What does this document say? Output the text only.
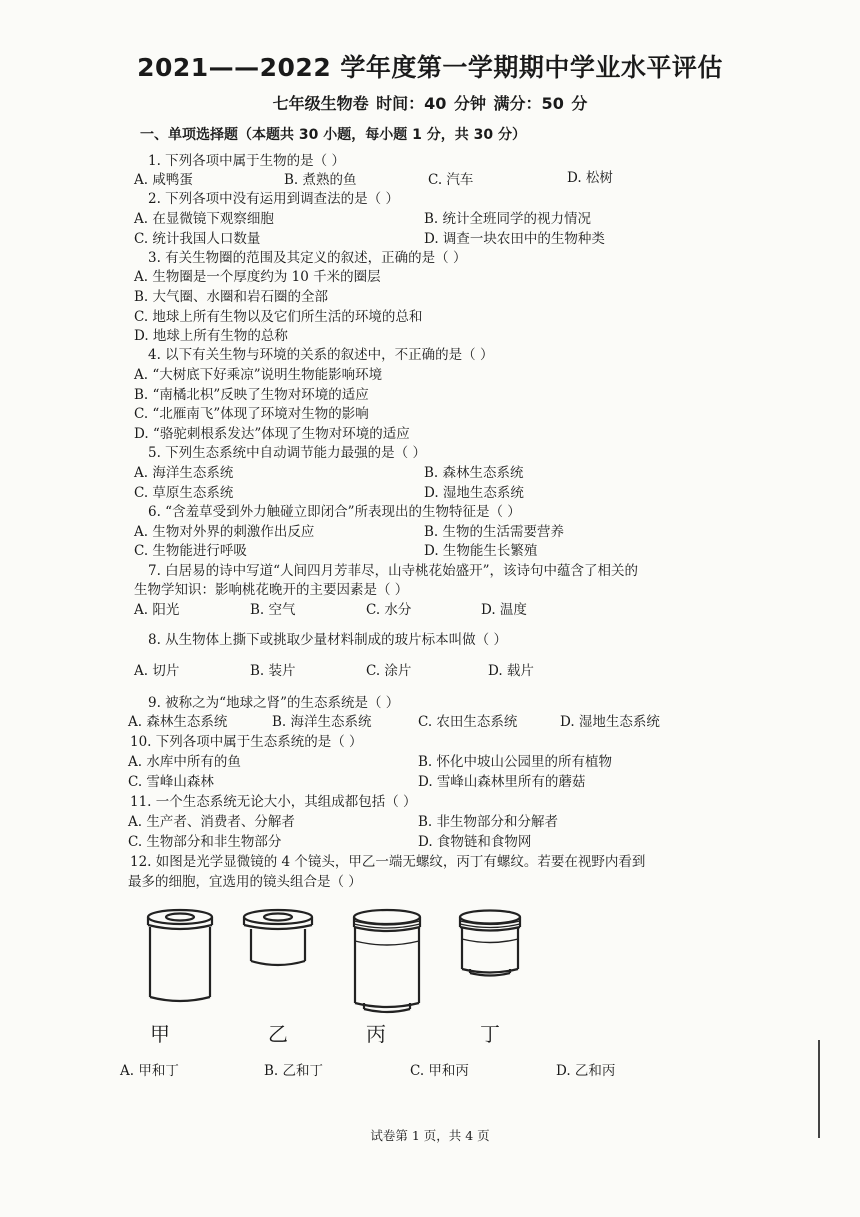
2021——2022 学年度第一学期期中学业水平评估
七年级生物卷 时间：40 分钟 满分：50 分
一、单项选择题（本题共 30 小题，每小题 1 分，共 30 分）
1. 下列各项中属于生物的是（ ）
A. 咸鸭蛋	B. 煮熟的鱼	C. 汽车	D. 松树
2. 下列各项中没有运用到调查法的是（ ）
A. 在显微镜下观察细胞	B. 统计全班同学的视力情况
C. 统计我国人口数量	D. 调查一块农田中的生物种类
3. 有关生物圈的范围及其定义的叙述，正确的是（ ）
A. 生物圈是一个厚度约为 10 千米的圈层
B. 大气圈、水圈和岩石圈的全部
C. 地球上所有生物以及它们所生活的环境的总和
D. 地球上所有生物的总称
4. 以下有关生物与环境的关系的叙述中，不正确的是（ ）
A. “大树底下好乘凉”说明生物能影响环境
B. “南橘北枳”反映了生物对环境的适应
C. “北雁南飞”体现了环境对生物的影响
D. “骆驼刺根系发达”体现了生物对环境的适应
5. 下列生态系统中自动调节能力最强的是（ ）
A. 海洋生态系统	B. 森林生态系统
C. 草原生态系统	D. 湿地生态系统
6. “含羞草受到外力触碰立即闭合”所表现出的生物特征是（ ）
A. 生物对外界的刺激作出反应	B. 生物的生活需要营养
C. 生物能进行呼吸	D. 生物能生长繁殖
7. 白居易的诗中写道“人间四月芳菲尽，山寺桃花始盛开”，该诗句中蕴含了相关的
生物学知识：影响桃花晚开的主要因素是（ ）
A. 阳光	B. 空气	C. 水分	D. 温度
8. 从生物体上撕下或挑取少量材料制成的玻片标本叫做（ ）
A. 切片	B. 装片	C. 涂片	D. 载片
9. 被称之为“地球之肾”的生态系统是（ ）
A. 森林生态系统	B. 海洋生态系统	C. 农田生态系统	D. 湿地生态系统
10. 下列各项中属于生态系统的是（ ）
A. 水库中所有的鱼	B. 怀化中坡山公园里的所有植物
C. 雪峰山森林	D. 雪峰山森林里所有的蘑菇
11. 一个生态系统无论大小，其组成都包括（ ）
A. 生产者、消费者、分解者	B. 非生物部分和分解者
C. 生物部分和非生物部分	D. 食物链和食物网
12. 如图是光学显微镜的 4 个镜头，甲乙一端无螺纹，丙丁有螺纹。若要在视野内看到
最多的细胞，宜选用的镜头组合是（ ）
甲	乙	丙	丁
A. 甲和丁	B. 乙和丁	C. 甲和丙	D. 乙和丙
试卷第 1 页，共 4 页
